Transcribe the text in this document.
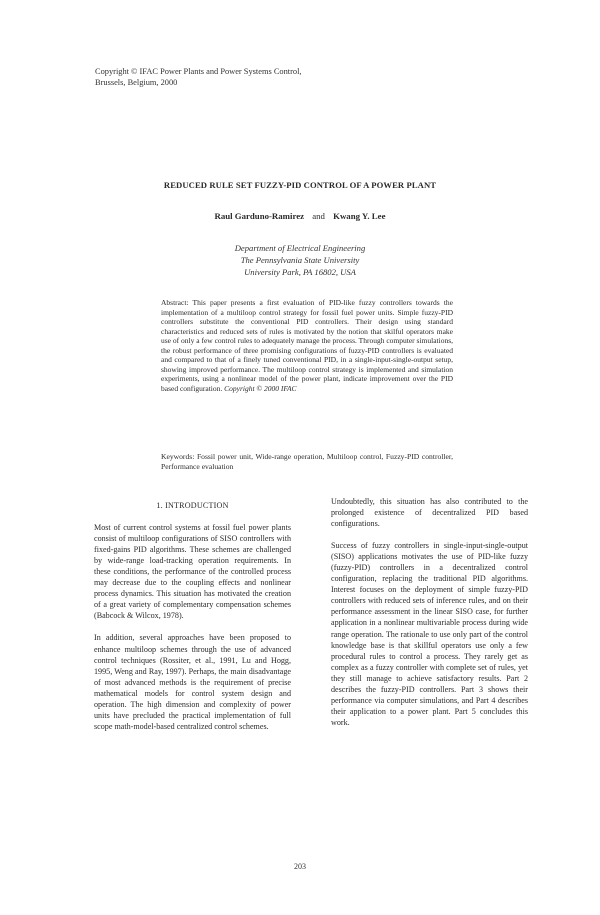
Copyright © IFAC Power Plants and Power Systems Control,
Brussels, Belgium, 2000
REDUCED RULE SET FUZZY-PID CONTROL OF A POWER PLANT
Raul Garduno-Ramirez and Kwang Y. Lee
Department of Electrical Engineering
The Pennsylvania State University
University Park, PA 16802, USA
Abstract: This paper presents a first evaluation of PID-like fuzzy controllers towards the implementation of a multiloop control strategy for fossil fuel power units. Simple fuzzy-PID controllers substitute the conventional PID controllers. Their design using standard characteristics and reduced sets of rules is motivated by the notion that skilful operators make use of only a few control rules to adequately manage the process. Through computer simulations, the robust performance of three promising configurations of fuzzy-PID controllers is evaluated and compared to that of a finely tuned conventional PID, in a single-input-single-output setup, showing improved performance. The multiloop control strategy is implemented and simulation experiments, using a nonlinear model of the power plant, indicate improvement over the PID based configuration. Copyright © 2000 IFAC
Keywords: Fossil power unit, Wide-range operation, Multiloop control, Fuzzy-PID controller, Performance evaluation

1. INTRODUCTION

Most of current control systems at fossil fuel power plants consist of multiloop configurations of SISO controllers with fixed-gains PID algorithms. These schemes are challenged by wide-range load-tracking operation requirements. In these conditions, the performance of the controlled process may decrease due to the coupling effects and nonlinear process dynamics. This situation has motivated the creation of a great variety of complementary compensation schemes (Babcock & Wilcox, 1978).

In addition, several approaches have been proposed to enhance multiloop schemes through the use of advanced control techniques (Rossiter, et al., 1991, Lu and Hogg, 1995, Weng and Ray, 1997). Perhaps, the main disadvantage of most advanced methods is the requirement of precise mathematical models for control system design and operation. The high dimension and complexity of power units have precluded the practical implementation of full scope math-model-based centralized control schemes.

Undoubtedly, this situation has also contributed to the prolonged existence of decentralized PID based configurations.

Success of fuzzy controllers in single-input-single-output (SISO) applications motivates the use of PID-like fuzzy (fuzzy-PID) controllers in a decentralized control configuration, replacing the traditional PID algorithms. Interest focuses on the deployment of simple fuzzy-PID controllers with reduced sets of inference rules, and on their performance assessment in the linear SISO case, for further application in a nonlinear multivariable process during wide range operation. The rationale to use only part of the control knowledge base is that skillful operators use only a few procedural rules to control a process. They rarely get as complex as a fuzzy controller with complete set of rules, yet they still manage to achieve satisfactory results. Part 2 describes the fuzzy-PID controllers. Part 3 shows their performance via computer simulations, and Part 4 describes their application to a power plant. Part 5 concludes this work.

203
